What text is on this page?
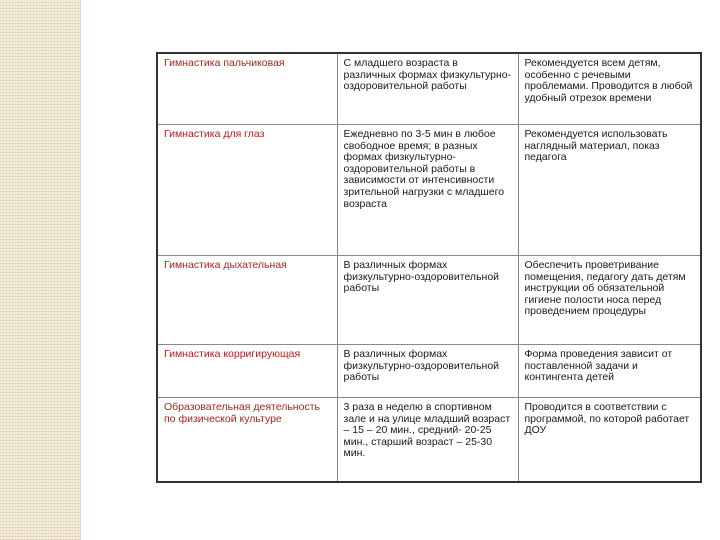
Гимнастика пальчиковая	С младшего возраста в различных формах физкультурно-оздоровительной работы	Рекомендуется всем детям, особенно с речевыми проблемами. Проводится в любой удобный отрезок времени

Гимнастика для глаз	Ежедневно по 3-5 мин в любое свободное время; в разных формах физкультурно-оздоровительной работы в зависимости от интенсивности зрительной нагрузки с младшего возраста	Рекомендуется использовать наглядный материал, показ педагога

Гимнастика дыхательная	В различных формах физкультурно-оздоровительной работы	Обеспечить проветривание помещения, педагогу дать детям инструкции об обязательной гигиене полости носа перед проведением процедуры

Гимнастика корригирующая	В различных формах физкультурно-оздоровительной работы	Форма проведения зависит от поставленной задачи и контингента детей

Образовательная деятельность по физической культуре	3 раза в неделю в спортивном зале и на улице младший возраст – 15 – 20 мин., средний- 20-25 мин., старший возраст – 25-30 мин.	Проводится в соответствии с программой, по которой работает ДОУ
